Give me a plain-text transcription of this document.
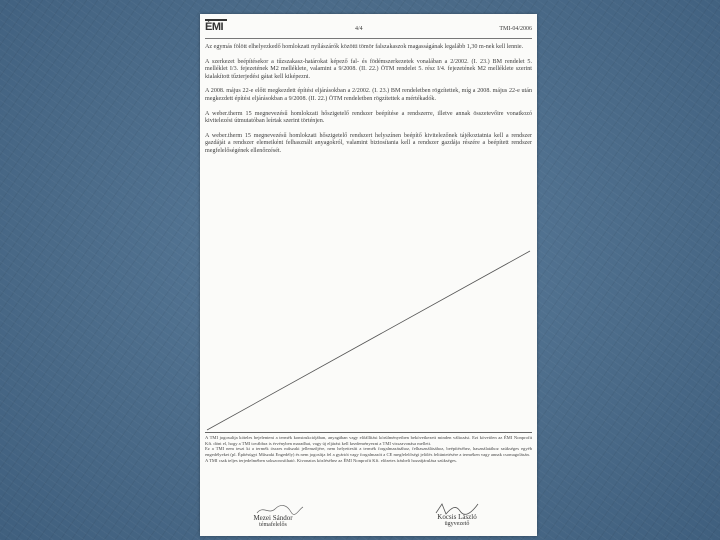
ÉMI	4/4	TMI-04/2006

Az egymás fölött elhelyezkedő homlokzati nyílászárók közötti tömör falszakaszok magasságának legalább 1,30 m-nek kell lennie.

A szerkezet beépítésekor a tűzszakasz-határokat képező fal- és födémszerkezetek vonalában a 2/2002. (I. 23.) BM rendelet 5. melléklet I/3. fejezetének M2 melléklete, valamint a 9/2008. (II. 22.) ÖTM rendelet 5. rész I/4. fejezetének M2 melléklete szerint kialakított tűzterjedési gátat kell kiképezni.

A 2008. május 22-e előtt megkezdett építési eljárásokban a 2/2002. (I. 23.) BM rendeletben rögzítettek, míg a 2008. május 22-e után megkezdett építési eljárásokban a 9/2008. (II. 22.) ÖTM rendeletben rögzítettek a mértékadók.

A weber.therm 15 megnevezésű homlokzati hőszigetelő rendszer beépítése a rendszerre, illetve annak összetevőire vonatkozó kivitelezési útmutatóban leírtak szerint történjen.

A weber.therm 15 megnevezésű homlokzati hőszigetelő rendszert helyszínen beépítő kivitelezőnek tájékoztatnia kell a rendszer gazdáját a rendszer elemeiként felhasznált anyagokról, valamint biztosítania kell a rendszer gazdája részére a beépített rendszer megfelelőségének ellenőrzését.

A TMI jogosultja köteles bejelenteni a termék konstrukciójában, anyagában vagy előállítási körülményeiben bekövetkezett minden változást. Ezt követően az ÉMI Nonprofit Kft. dönt el, hogy a TMI továbbra is érvényben maradhat, vagy új eljárást kell kezdeményezni a TMI visszavonása mellett.

Ez a TMI nem teszi ki a termék összes műszaki jellemzőjére, nem helyettesíti a termék forgalmazásához, felhasználásához, beépítéséhez, használatához szükséges egyéb engedélyeket (pl. Építésügyi Műszaki Engedély) és nem jogosítja fel a gyártót vagy forgalmazót a CE megfelelőségi jelölés feltüntetésére a terméken vagy annak csomagolásán.

A TMI csak teljes terjedelmében sokszorosítható. Kivonatos közléséhez az ÉMI Nonprofit Kft. előzetes írásbeli hozzájárulása szükséges.

Mezei Sándor
témafelelős
Kocsis László
ügyvezető
